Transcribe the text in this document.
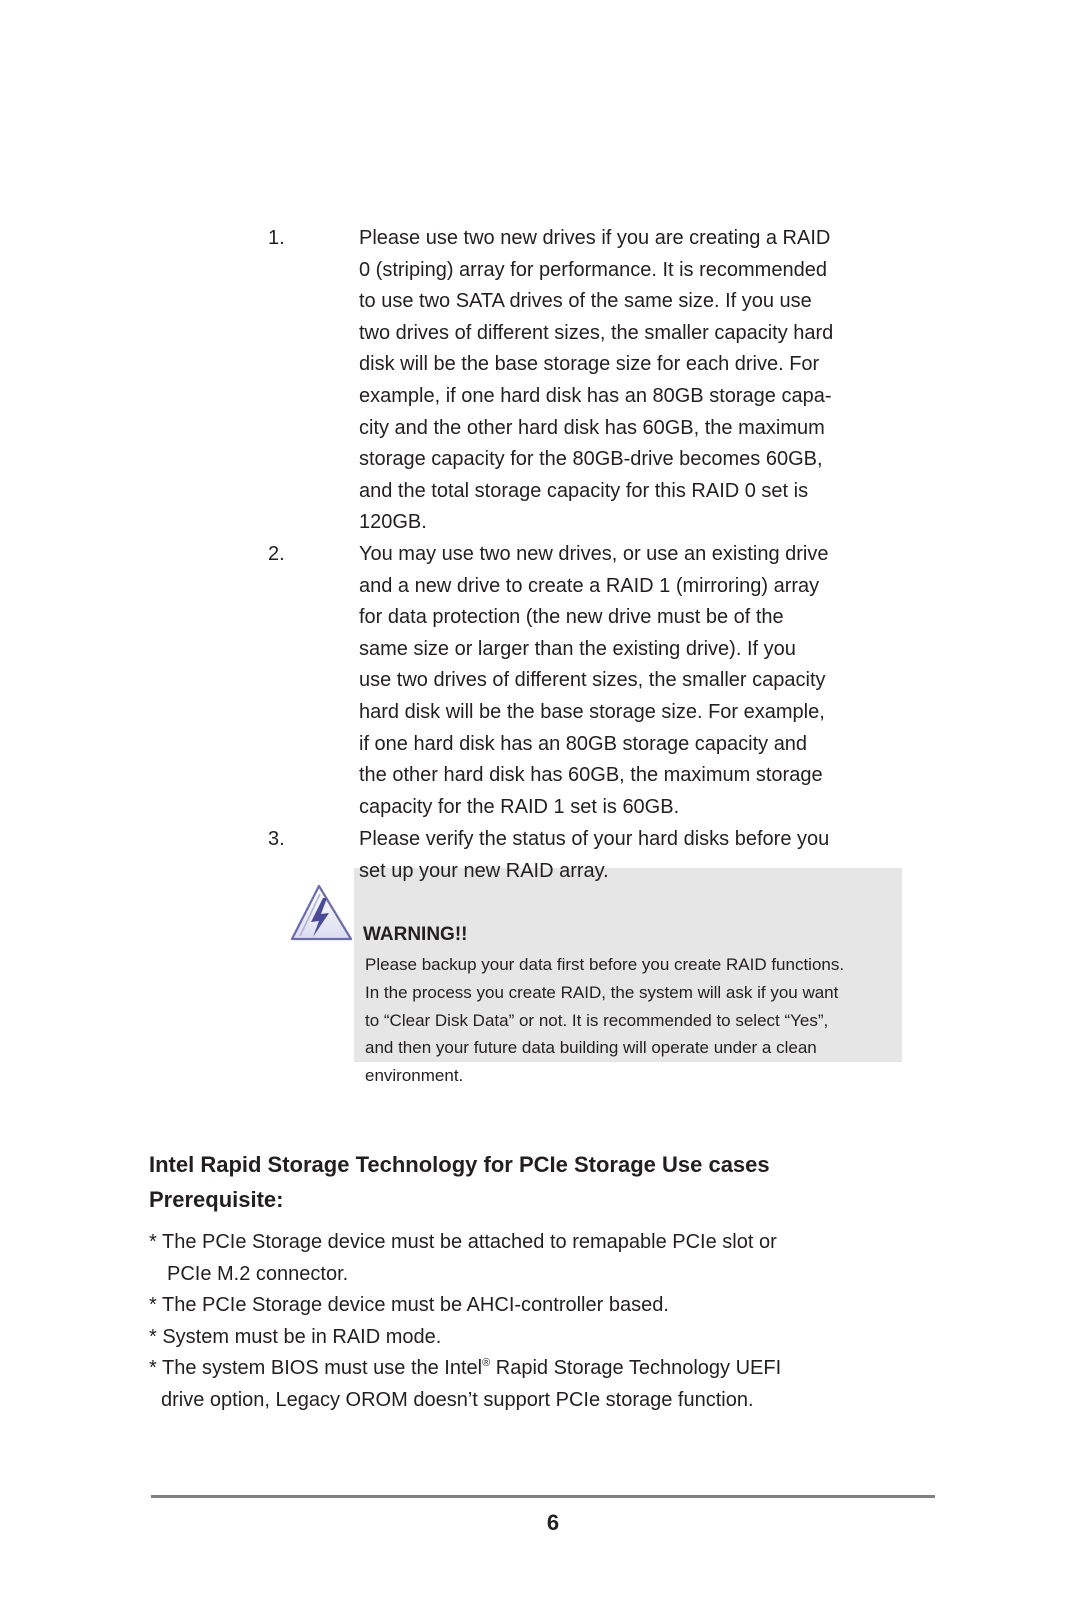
1.	Please use two new drives if you are creating a RAID
0 (striping) array for performance. It is recommended
to use two SATA drives of the same size. If you use
two drives of different sizes, the smaller capacity hard
disk will be the base storage size for each drive. For
example, if one hard disk has an 80GB storage capa-
city and the other hard disk has 60GB, the maximum
storage capacity for the 80GB-drive becomes 60GB,
and the total storage capacity for this RAID 0 set is
120GB.
2.	You may use two new drives, or use an existing drive
and a new drive to create a RAID 1 (mirroring) array
for data protection (the new drive must be of the
same size or larger than the existing drive). If you
use two drives of different sizes, the smaller capacity
hard disk will be the base storage size. For example,
if one hard disk has an 80GB storage capacity and
the other hard disk has 60GB, the maximum storage
capacity for the RAID 1 set is 60GB.
3.	Please verify the status of your hard disks before you
set up your new RAID array.
WARNING!!
Please backup your data first before you create RAID functions.
In the process you create RAID, the system will ask if you want
to “Clear Disk Data” or not. It is recommended to select “Yes”,
and then your future data building will operate under a clean
environment.
Intel Rapid Storage Technology for PCIe Storage Use cases
Prerequisite:
* The PCIe Storage device must be attached to remapable PCIe slot or
PCIe M.2 connector.
* The PCIe Storage device must be AHCI-controller based.
* System must be in RAID mode.
* The system BIOS must use the Intel® Rapid Storage Technology UEFI
drive option, Legacy OROM doesn’t support PCIe storage function.
6
